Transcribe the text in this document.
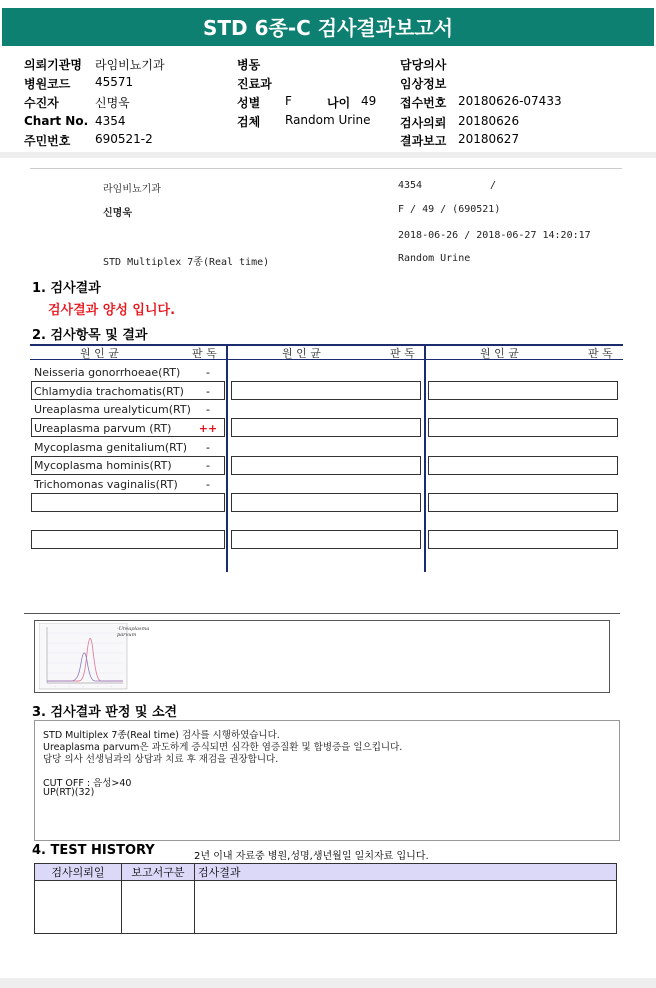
STD 6종-C 검사결과보고서
의뢰기관명 라임비뇨기과
병원코드 45571
수진자	신명욱
Chart No. 4354
주민번호 690521-2
병동
진료과
성별 F	나이 49
검체 Random Urine
담당의사
임상정보
접수번호 20180626-07433
검사의뢰 20180626
결과보고 20180627
라임비뇨기과	4354	/
신명욱	F / 49 / (690521)
2018-06-26 / 2018-06-27 14:20:17
STD Multiplex 7종(Real time)	Random Urine
1. 검사결과
검사결과 양성 입니다.
2. 검사항목 및 결과
원 인 균	판 독	원 인 균	판 독	원 인 균	판 독
Neisseria gonorrhoeae(RT)	-
Chlamydia trachomatis(RT)	-
Ureaplasma urealyticum(RT)	-
Ureaplasma parvum (RT) ++
Mycoplasma genitalium(RT)	-
Mycoplasma hominis(RT)	-
Trichomonas vaginalis(RT)	-
.	.	.	.	.
-Ureaplasma
parvum
3. 검사결과 판정 및 소견
STD Multiplex 7종(Real time) 검사를 시행하였습니다.
Ureaplasma parvum은 과도하게 증식되면 심각한 염증질환 및 합병증을 일으킵니다.
담당 의사 선생님과의 상담과 치료 후 재검을 권장합니다.
CUT OFF : 음성>40
UP(RT)(32)
4. TEST HISTORY	2년 이내 자료중 병원,성명,생년월일 일치자료 입니다.
검사의뢰일	보고서구분	검사결과
